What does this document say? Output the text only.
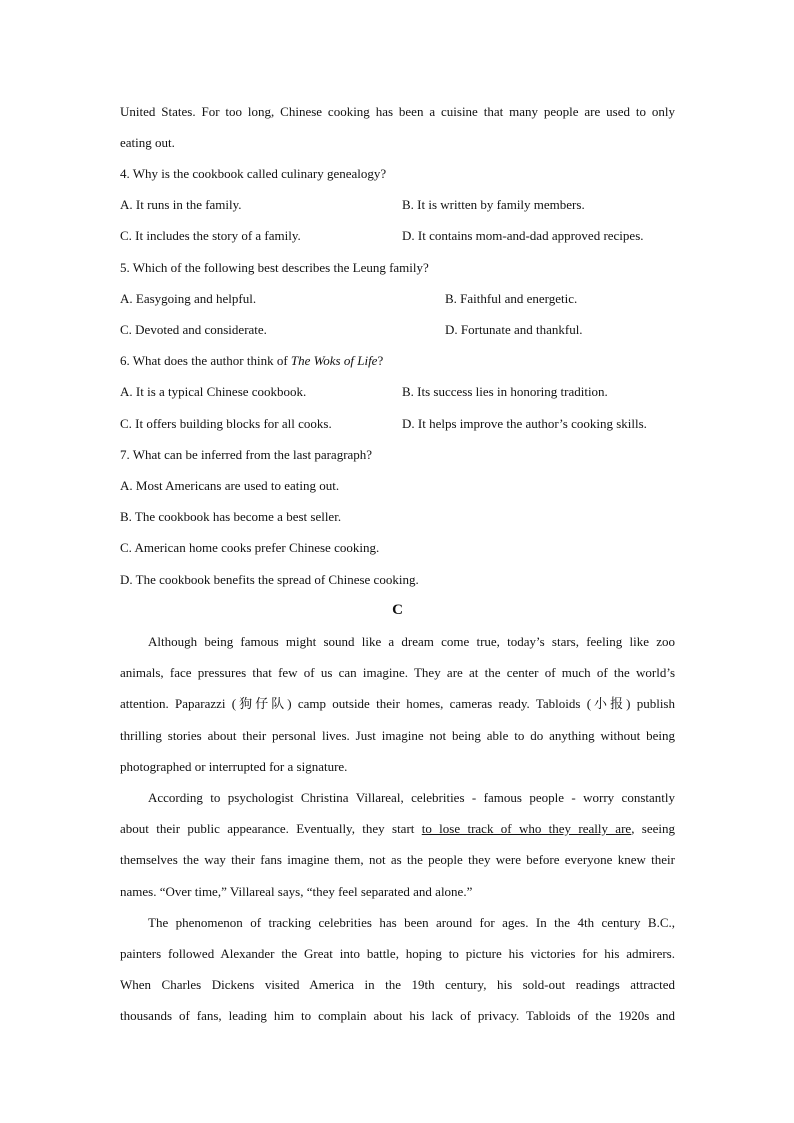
United States. For too long, Chinese cooking has been a cuisine that many people are used to only
eating out.
4. Why is the cookbook called culinary genealogy?
A. It runs in the family.	B. It is written by family members.
C. It includes the story of a family.	D. It contains mom-and-dad approved recipes.
5. Which of the following best describes the Leung family?
A. Easygoing and helpful.	B. Faithful and energetic.
C. Devoted and considerate.	D. Fortunate and thankful.
6. What does the author think of The Woks of Life?
A. It is a typical Chinese cookbook.	B. Its success lies in honoring tradition.
C. It offers building blocks for all cooks.	D. It helps improve the author’s cooking skills.
7. What can be inferred from the last paragraph?
A. Most Americans are used to eating out.
B. The cookbook has become a best seller.
C. American home cooks prefer Chinese cooking.
D. The cookbook benefits the spread of Chinese cooking.
C
Although being famous might sound like a dream come true, today’s stars, feeling like zoo
animals, face pressures that few of us can imagine. They are at the center of much of the world’s
attention. Paparazzi (狗仔队) camp outside their homes, cameras ready. Tabloids (小报) publish
thrilling stories about their personal lives. Just imagine not being able to do anything without being
photographed or interrupted for a signature.
According to psychologist Christina Villareal, celebrities - famous people - worry constantly
about their public appearance. Eventually, they start to lose track of who they really are, seeing
themselves the way their fans imagine them, not as the people they were before everyone knew their
names. “Over time,” Villareal says, “they feel separated and alone.”
The phenomenon of tracking celebrities has been around for ages. In the 4th century B.C.,
painters followed Alexander the Great into battle, hoping to picture his victories for his admirers.
When Charles Dickens visited America in the 19th century, his sold-out readings attracted
thousands of fans, leading him to complain about his lack of privacy. Tabloids of the 1920s and
